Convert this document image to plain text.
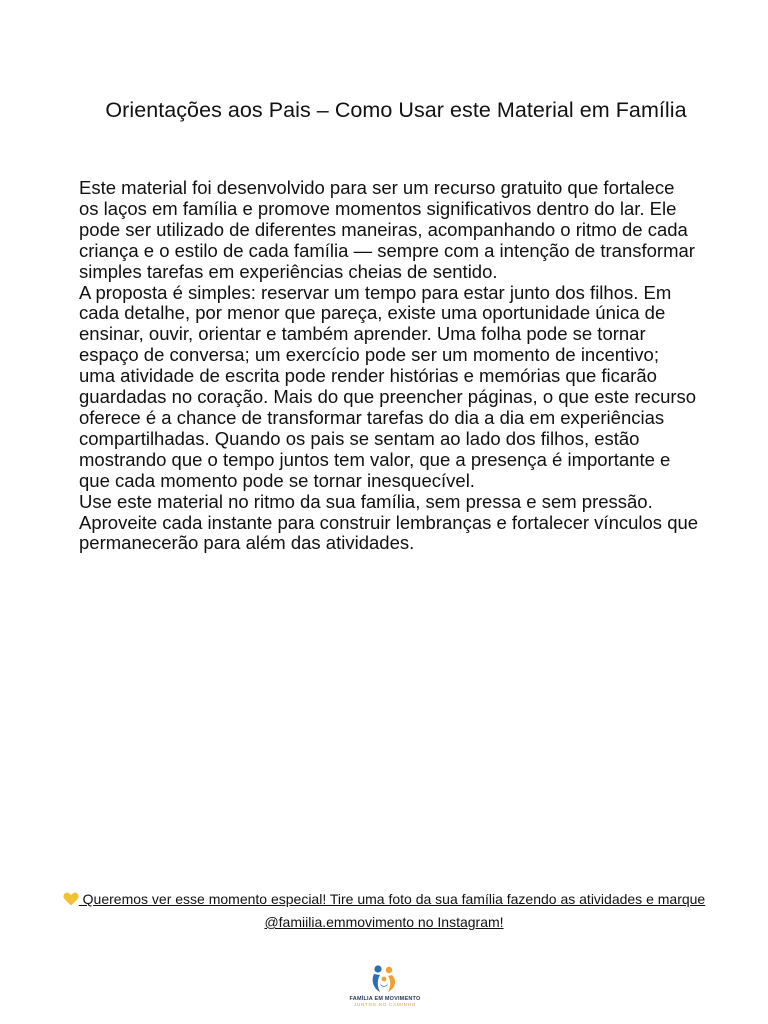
Orientações aos Pais – Como Usar este Material em Família

Este material foi desenvolvido para ser um recurso gratuito que fortalece os laços em família e promove momentos significativos dentro do lar. Ele pode ser utilizado de diferentes maneiras, acompanhando o ritmo de cada criança e o estilo de cada família — sempre com a intenção de transformar simples tarefas em experiências cheias de sentido.

A proposta é simples: reservar um tempo para estar junto dos filhos. Em cada detalhe, por menor que pareça, existe uma oportunidade única de ensinar, ouvir, orientar e também aprender. Uma folha pode se tornar espaço de conversa; um exercício pode ser um momento de incentivo; uma atividade de escrita pode render histórias e memórias que ficarão guardadas no coração. Mais do que preencher páginas, o que este recurso oferece é a chance de transformar tarefas do dia a dia em experiências compartilhadas. Quando os pais se sentam ao lado dos filhos, estão mostrando que o tempo juntos tem valor, que a presença é importante e que cada momento pode se tornar inesquecível.

Use este material no ritmo da sua família, sem pressa e sem pressão. Aproveite cada instante para construir lembranças e fortalecer vínculos que permanecerão para além das atividades.

Queremos ver esse momento especial! Tire uma foto da sua família fazendo as atividades e marque @famiilia.emmovimento no Instagram!
FAMÍLIA EM MOVIMENTO
JUNTOS NO CAMINHO
